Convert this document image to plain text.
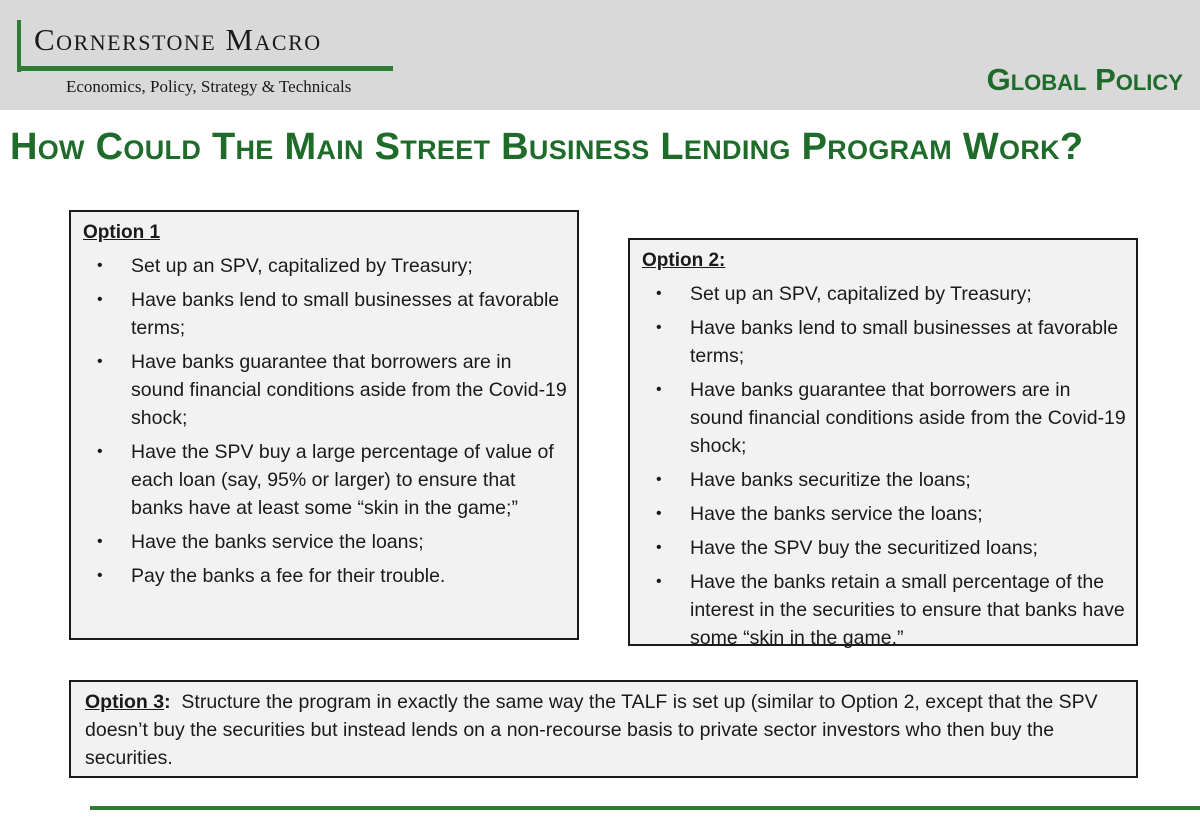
Cornerstone Macro
Economics, Policy, Strategy & Technicals	Global Policy
How Could The Main Street Business Lending Program Work?
Option 1
• Set up an SPV, capitalized by Treasury;
• Have banks lend to small businesses at favorable terms;
• Have banks guarantee that borrowers are in sound financial conditions aside from the Covid-19 shock;
• Have the SPV buy a large percentage of value of each loan (say, 95% or larger) to ensure that banks have at least some “skin in the game;”
• Have the banks service the loans;
• Pay the banks a fee for their trouble.
Option 2:
• Set up an SPV, capitalized by Treasury;
• Have banks lend to small businesses at favorable terms;
• Have banks guarantee that borrowers are in sound financial conditions aside from the Covid-19 shock;
• Have banks securitize the loans;
• Have the banks service the loans;
• Have the SPV buy the securitized loans;
• Have the banks retain a small percentage of the interest in the securities to ensure that banks have some “skin in the game.”
Option 3: Structure the program in exactly the same way the TALF is set up (similar to Option 2, except that the SPV doesn’t buy the securities but instead lends on a non-recourse basis to private sector investors who then buy the securities.
